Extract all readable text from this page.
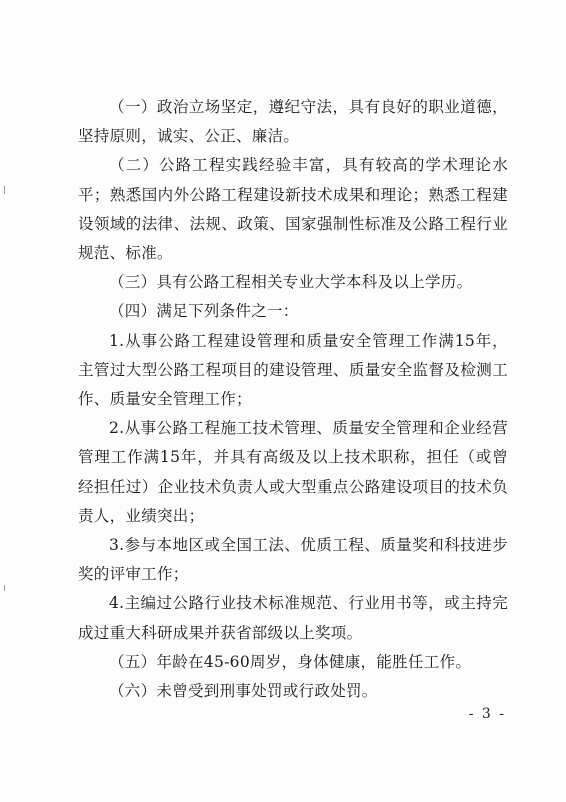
（一）政治立场坚定，遵纪守法，具有良好的职业道德，坚持原则，诚实、公正、廉洁。

（二）公路工程实践经验丰富，具有较高的学术理论水平；熟悉国内外公路工程建设新技术成果和理论；熟悉工程建设领域的法律、法规、政策、国家强制性标准及公路工程行业规范、标准。

（三）具有公路工程相关专业大学本科及以上学历。

（四）满足下列条件之一：

1.从事公路工程建设管理和质量安全管理工作满15年，主管过大型公路工程项目的建设管理、质量安全监督及检测工作、质量安全管理工作；

2.从事公路工程施工技术管理、质量安全管理和企业经营管理工作满15年，并具有高级及以上技术职称，担任（或曾经担任过）企业技术负责人或大型重点公路建设项目的技术负责人，业绩突出；

3.参与本地区或全国工法、优质工程、质量奖和科技进步奖的评审工作；

4.主编过公路行业技术标准规范、行业用书等，或主持完成过重大科研成果并获省部级以上奖项。

（五）年龄在45-60周岁，身体健康，能胜任工作。

（六）未曾受到刑事处罚或行政处罚。

- 3 -
